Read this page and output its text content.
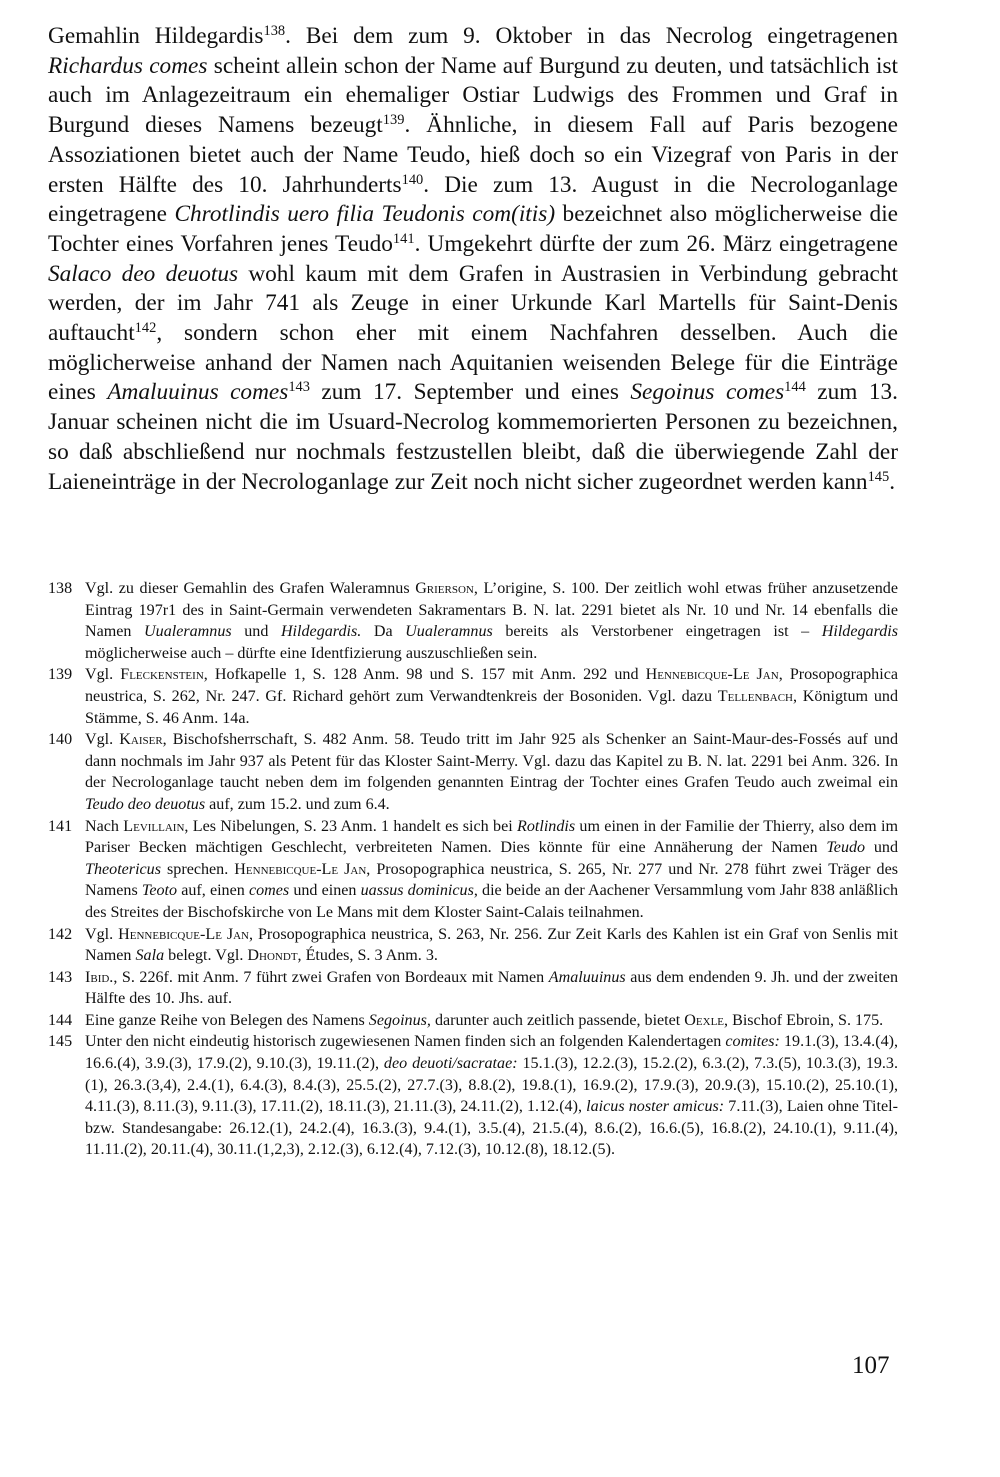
Gemahlin Hildegardis$^{138}$. Bei dem zum 9. Oktober in das Necrolog eingetragenen Richardus comes scheint allein schon der Name auf Burgund zu deuten, und tatsächlich ist auch im Anlagezeitraum ein ehemaliger Ostiar Ludwigs des Frommen und Graf in Burgund dieses Namens bezeugt$^{139}$. Ähnliche, in diesem Fall auf Paris bezogene Assoziationen bietet auch der Name Teudo, hieß doch so ein Vizegraf von Paris in der ersten Hälfte des 10. Jahrhunderts$^{140}$. Die zum 13. August in die Necrologanlage eingetragene Chrotlindis uero filia Teudonis com(itis) bezeichnet also möglicherweise die Tochter eines Vorfahren jenes Teudo$^{141}$. Umgekehrt dürfte der zum 26. März eingetragene Salaco deo deuotus wohl kaum mit dem Grafen in Austrasien in Verbindung gebracht werden, der im Jahr 741 als Zeuge in einer Urkunde Karl Martells für Saint-Denis auftaucht$^{142}$, sondern schon eher mit einem Nachfahren desselben. Auch die möglicherweise anhand der Namen nach Aquitanien weisenden Belege für die Einträge eines Amaluuinus comes$^{143}$ zum 17. September und eines Segoinus comes$^{144}$ zum 13. Januar scheinen nicht die im Usuard-Necrolog kommemorierten Personen zu bezeichnen, so daß abschließend nur nochmals festzustellen bleibt, daß die überwiegende Zahl der Laieneinträge in der Necrologanlage zur Zeit noch nicht sicher zugeordnet werden kann$^{145}$.

138 Vgl. zu dieser Gemahlin des Grafen Waleramnus Grierson, L’origine, S. 100. Der zeitlich wohl etwas früher anzusetzende Eintrag 197r1 des in Saint-Germain verwendeten Sakramentars B. N. lat. 2291 bietet als Nr. 10 und Nr. 14 ebenfalls die Namen Uualeramnus und Hildegardis. Da Uualeramnus bereits als Verstorbener eingetragen ist – Hildegardis möglicherweise auch – dürfte eine Identfizierung auszuschließen sein.
139 Vgl. Fleckenstein, Hofkapelle 1, S. 128 Anm. 98 und S. 157 mit Anm. 292 und Hennebicque-Le Jan, Prosopographica neustrica, S. 262, Nr. 247. Gf. Richard gehört zum Verwandtenkreis der Bosoniden. Vgl. dazu Tellenbach, Königtum und Stämme, S. 46 Anm. 14a.
140 Vgl. Kaiser, Bischofsherrschaft, S. 482 Anm. 58. Teudo tritt im Jahr 925 als Schenker an Saint-Maur-des-Fossés auf und dann nochmals im Jahr 937 als Petent für das Kloster Saint-Merry. Vgl. dazu das Kapitel zu B. N. lat. 2291 bei Anm. 326. In der Necrologanlage taucht neben dem im folgenden genannten Eintrag der Tochter eines Grafen Teudo auch zweimal ein Teudo deo deuotus auf, zum 15.2. und zum 6.4.
141 Nach Levillain, Les Nibelungen, S. 23 Anm. 1 handelt es sich bei Rotlindis um einen in der Familie der Thierry, also dem im Pariser Becken mächtigen Geschlecht, verbreiteten Namen. Dies könnte für eine Annäherung der Namen Teudo und Theotericus sprechen. Hennebicque-Le Jan, Prosopographica neustrica, S. 265, Nr. 277 und Nr. 278 führt zwei Träger des Namens Teoto auf, einen comes und einen uassus dominicus, die beide an der Aachener Versammlung vom Jahr 838 anläßlich des Streites der Bischofskirche von Le Mans mit dem Kloster Saint-Calais teilnahmen.
142 Vgl. Hennebicque-Le Jan, Prosopographica neustrica, S. 263, Nr. 256. Zur Zeit Karls des Kahlen ist ein Graf von Senlis mit Namen Sala belegt. Vgl. Dhondt, Études, S. 3 Anm. 3.
143 Ibid., S. 226f. mit Anm. 7 führt zwei Grafen von Bordeaux mit Namen Amaluuinus aus dem endenden 9. Jh. und der zweiten Hälfte des 10. Jhs. auf.
144 Eine ganze Reihe von Belegen des Namens Segoinus, darunter auch zeitlich passende, bietet Oexle, Bischof Ebroin, S. 175.
145 Unter den nicht eindeutig historisch zugewiesenen Namen finden sich an folgenden Kalendertagen comites: 19.1.(3), 13.4.(4), 16.6.(4), 3.9.(3), 17.9.(2), 9.10.(3), 19.11.(2), deo deuoti/sacratae: 15.1.(3), 12.2.(3), 15.2.(2), 6.3.(2), 7.3.(5), 10.3.(3), 19.3.(1), 26.3.(3,4), 2.4.(1), 6.4.(3), 8.4.(3), 25.5.(2), 27.7.(3), 8.8.(2), 19.8.(1), 16.9.(2), 17.9.(3), 20.9.(3), 15.10.(2), 25.10.(1), 4.11.(3), 8.11.(3), 9.11.(3), 17.11.(2), 18.11.(3), 21.11.(3), 24.11.(2), 1.12.(4), laicus noster amicus: 7.11.(3), Laien ohne Titel- bzw. Standesangabe: 26.12.(1), 24.2.(4), 16.3.(3), 9.4.(1), 3.5.(4), 21.5.(4), 8.6.(2), 16.6.(5), 16.8.(2), 24.10.(1), 9.11.(4), 11.11.(2), 20.11.(4), 30.11.(1,2,3), 2.12.(3), 6.12.(4), 7.12.(3), 10.12.(8), 18.12.(5).
107
